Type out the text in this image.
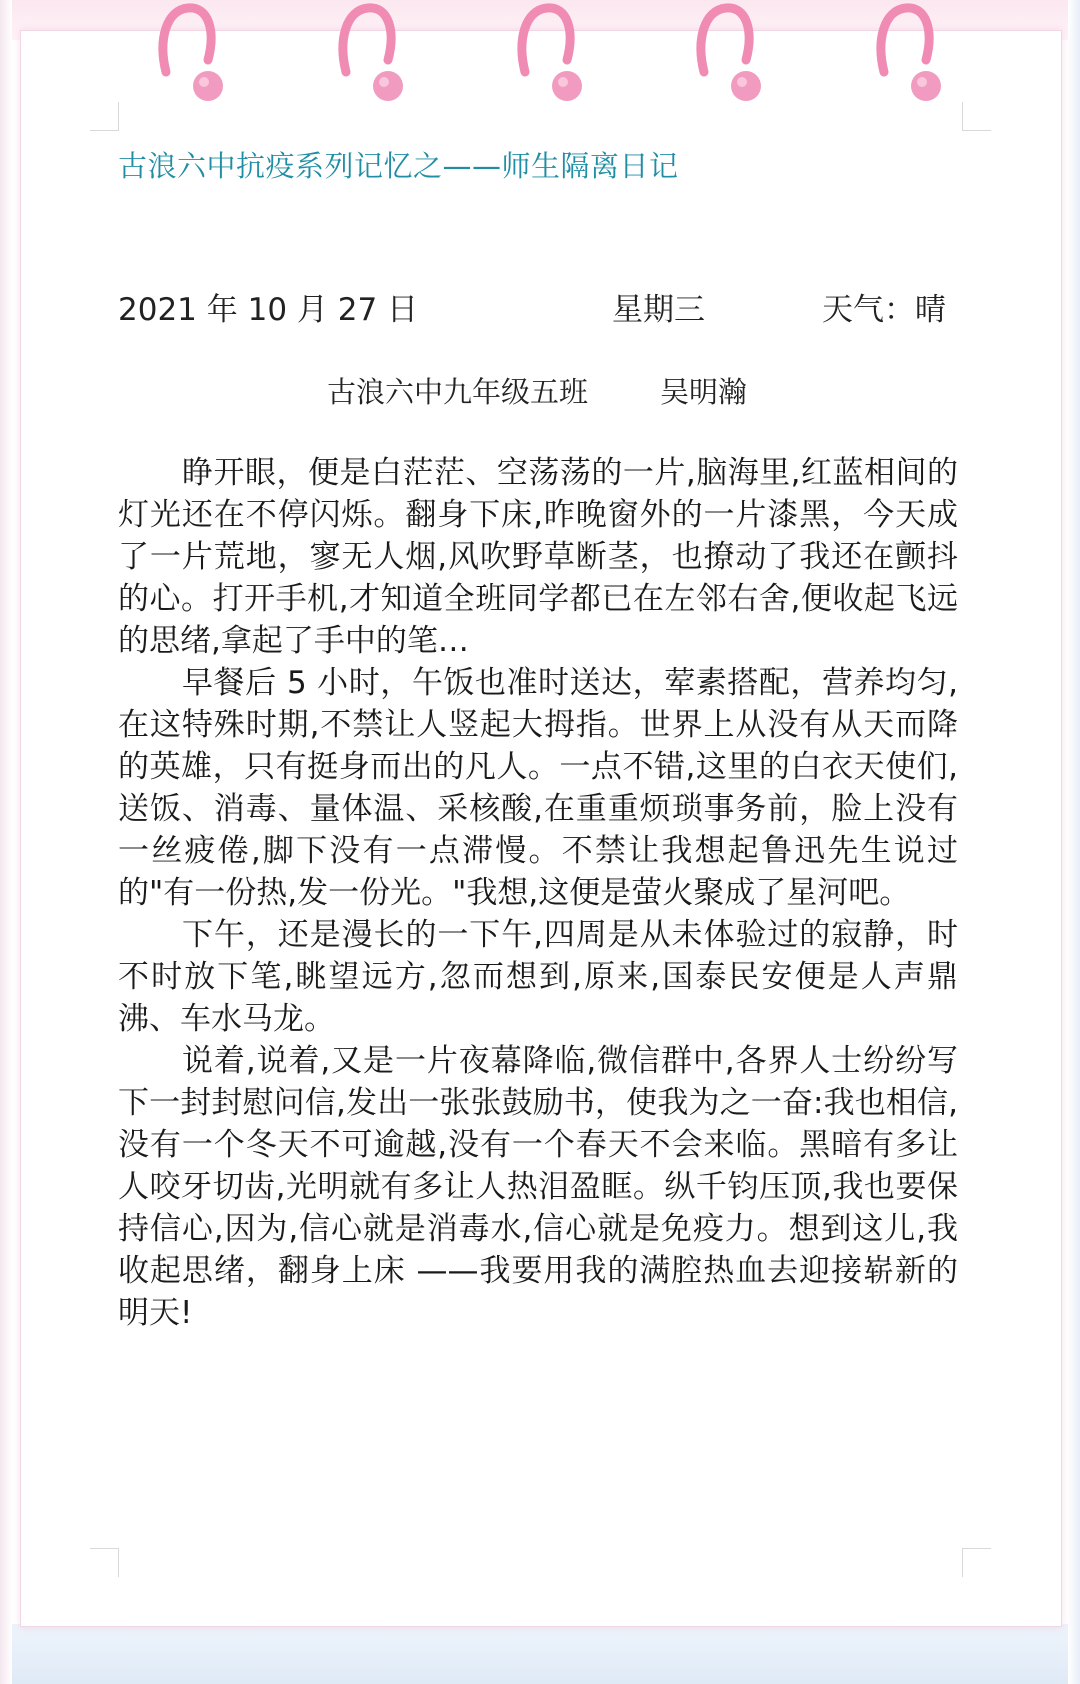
古浪六中抗疫系列记忆之——师生隔离日记
2021 年 10 月 27 日	星期三	天气：晴
古浪六中九年级五班 吴明瀚

睁开眼，便是白茫茫、空荡荡的一片,脑海里,红蓝相间的灯光还在不停闪烁。翻身下床,昨晚窗外的一片漆黑，今天成了一片荒地，寥无人烟,风吹野草断茎，也撩动了我还在颤抖的心。打开手机,才知道全班同学都已在左邻右舍,便收起飞远的思绪,拿起了手中的笔…

早餐后 5 小时，午饭也准时送达，荤素搭配，营养均匀,在这特殊时期,不禁让人竖起大拇指。世界上从没有从天而降的英雄，只有挺身而出的凡人。一点不错,这里的白衣天使们,送饭、消毒、量体温、采核酸,在重重烦琐事务前，脸上没有一丝疲倦,脚下没有一点滞慢。不禁让我想起鲁迅先生说过的"有一份热,发一份光。"我想,这便是萤火聚成了星河吧。

下午，还是漫长的一下午,四周是从未体验过的寂静，时不时放下笔,眺望远方,忽而想到,原来,国泰民安便是人声鼎沸、车水马龙。

说着,说着,又是一片夜幕降临,微信群中,各界人士纷纷写下一封封慰问信,发出一张张鼓励书，使我为之一奋:我也相信,没有一个冬天不可逾越,没有一个春天不会来临。黑暗有多让人咬牙切齿,光明就有多让人热泪盈眶。纵千钧压顶,我也要保持信心,因为,信心就是消毒水,信心就是免疫力。想到这儿,我收起思绪，翻身上床 ——我要用我的满腔热血去迎接崭新的明天!
